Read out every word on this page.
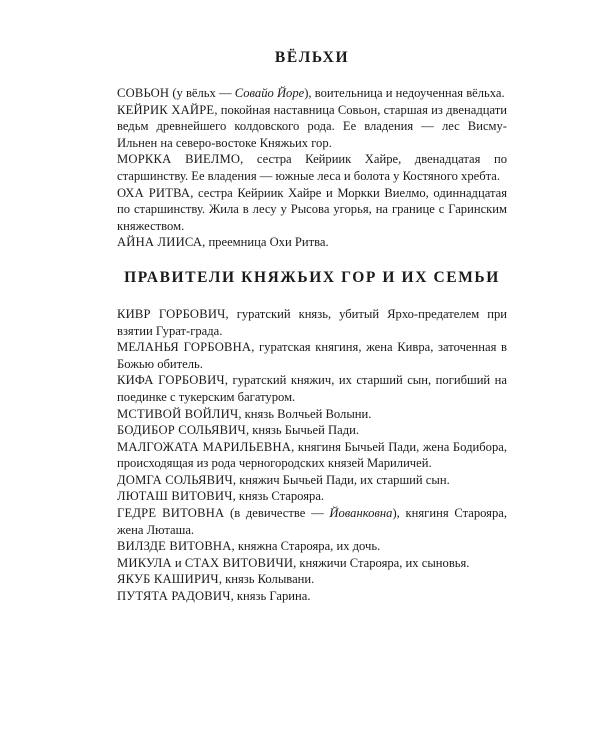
ВЁЛЬХИ

СОВЬОН (у вёльх — Совайо Йоре), воительница и недоученная вёльха.

КЕЙРИК ХАЙРЕ, покойная наставница Совьон, старшая из двенадцати ведьм древнейшего колдовского рода. Ее владения — лес Висму-Ильнен на северо-востоке Княжьих гор.

МОРККА ВИЕЛМО, сестра Кейриик Хайре, двенадцатая по старшинству. Ее владения — южные леса и болота у Костяного хребта.

ОХА РИТВА, сестра Кейриик Хайре и Моркки Виелмо, одиннадцатая по старшинству. Жила в лесу у Рысова угорья, на границе с Гаринским княжеством.

АЙНА ЛИИСА, преемница Охи Ритва.

ПРАВИТЕЛИ КНЯЖЬИХ ГОР И ИХ СЕМЬИ

КИВР ГОРБОВИЧ, гуратский князь, убитый Ярхо-предателем при взятии Гурат-града.

МЕЛАНЬЯ ГОРБОВНА, гуратская княгиня, жена Кивра, заточенная в Божью обитель.

КИФА ГОРБОВИЧ, гуратский княжич, их старший сын, погибший на поединке с тукерским багатуром.

МСТИВОЙ ВОЙЛИЧ, князь Волчьей Волыни.

БОДИБОР СОЛЬЯВИЧ, князь Бычьей Пади.

МАЛГОЖАТА МАРИЛЬЕВНА, княгиня Бычьей Пади, жена Бодибора, происходящая из рода черногородских князей Мариличей.

ДОМГА СОЛЬЯВИЧ, княжич Бычьей Пади, их старший сын.

ЛЮТАШ ВИТОВИЧ, князь Старояра.

ГЕДРЕ ВИТОВНА (в девичестве — Йованковна), княгиня Старояра, жена Люташа.

ВИЛЗДЕ ВИТОВНА, княжна Старояра, их дочь.

МИКУЛА и СТАХ ВИТОВИЧИ, княжичи Старояра, их сыновья.

ЯКУБ КАШИРИЧ, князь Колывани.

ПУТЯТА РАДОВИЧ, князь Гарина.
